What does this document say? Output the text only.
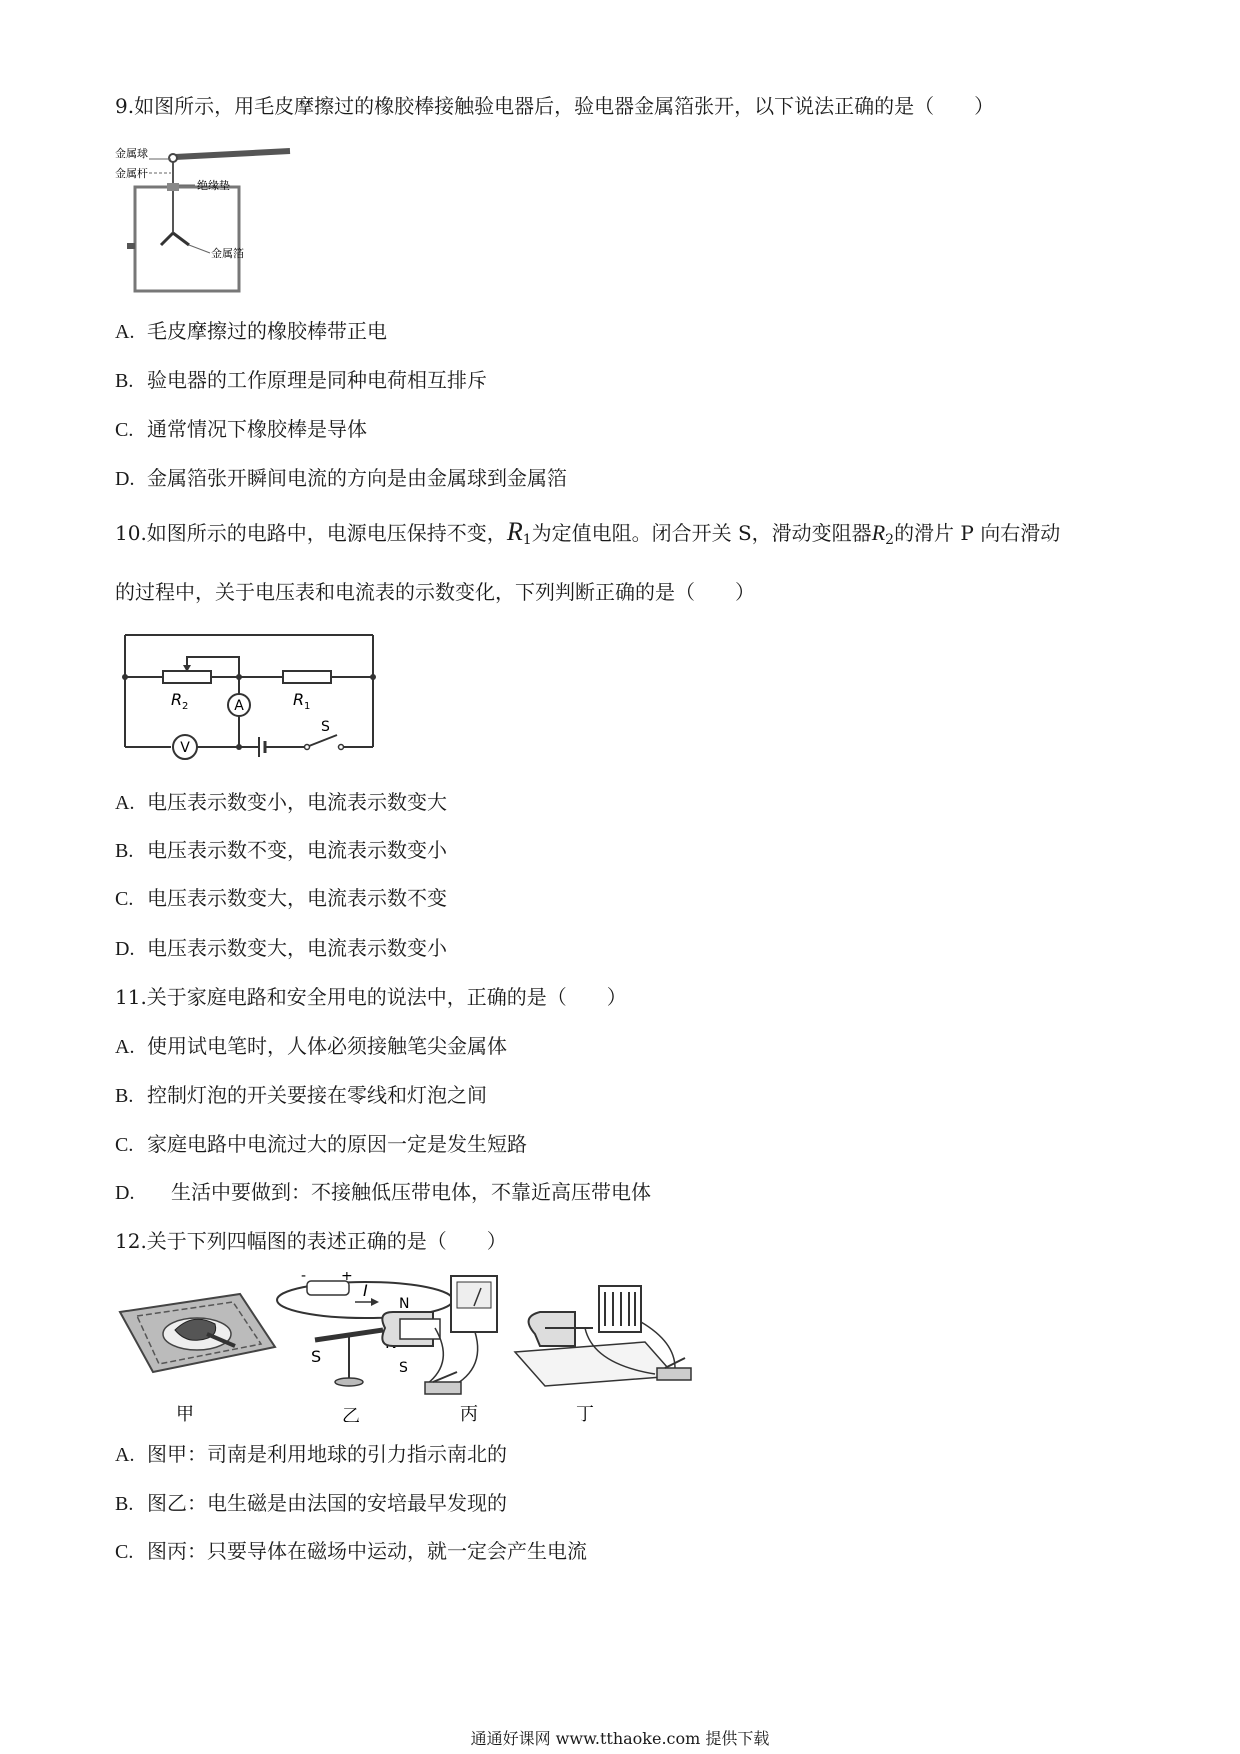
9.如图所示，用毛皮摩擦过的橡胶棒接触验电器后，验电器金属箔张开，以下说法正确的是（　　）
金属球
金属杆
绝缘垫
金属箔
A. 毛皮摩擦过的橡胶棒带正电
B. 验电器的工作原理是同种电荷相互排斥
C. 通常情况下橡胶棒是导体
D. 金属箔张开瞬间电流的方向是由金属球到金属箔
10.如图所示的电路中，电源电压保持不变，$R_1$为定值电阻。闭合开关 S，滑动变阻器$R_2$的滑片 P 向右滑动
的过程中，关于电压表和电流表的示数变化，下列判断正确的是（　　）
R 2	R 1
A
V
S
A. 电压表示数变小，电流表示数变大
B. 电压表示数不变，电流表示数变小
C. 电压表示数变大，电流表示数不变
D. 电压表示数变大，电流表示数变小
11.关于家庭电路和安全用电的说法中，正确的是（　　）
A. 使用试电笔时，人体必须接触笔尖金属体
B. 控制灯泡的开关要接在零线和灯泡之间
C. 家庭电路中电流过大的原因一定是发生短路
D. 生活中要做到：不接触低压带电体，不靠近高压带电体
12.关于下列四幅图的表述正确的是（　　）
- +
I
S
N
S
甲	乙	丙	丁
A. 图甲：司南是利用地球的引力指示南北的
B. 图乙：电生磁是由法国的安培最早发现的
C. 图丙：只要导体在磁场中运动，就一定会产生电流
通通好课网 www.tthaoke.com 提供下载
